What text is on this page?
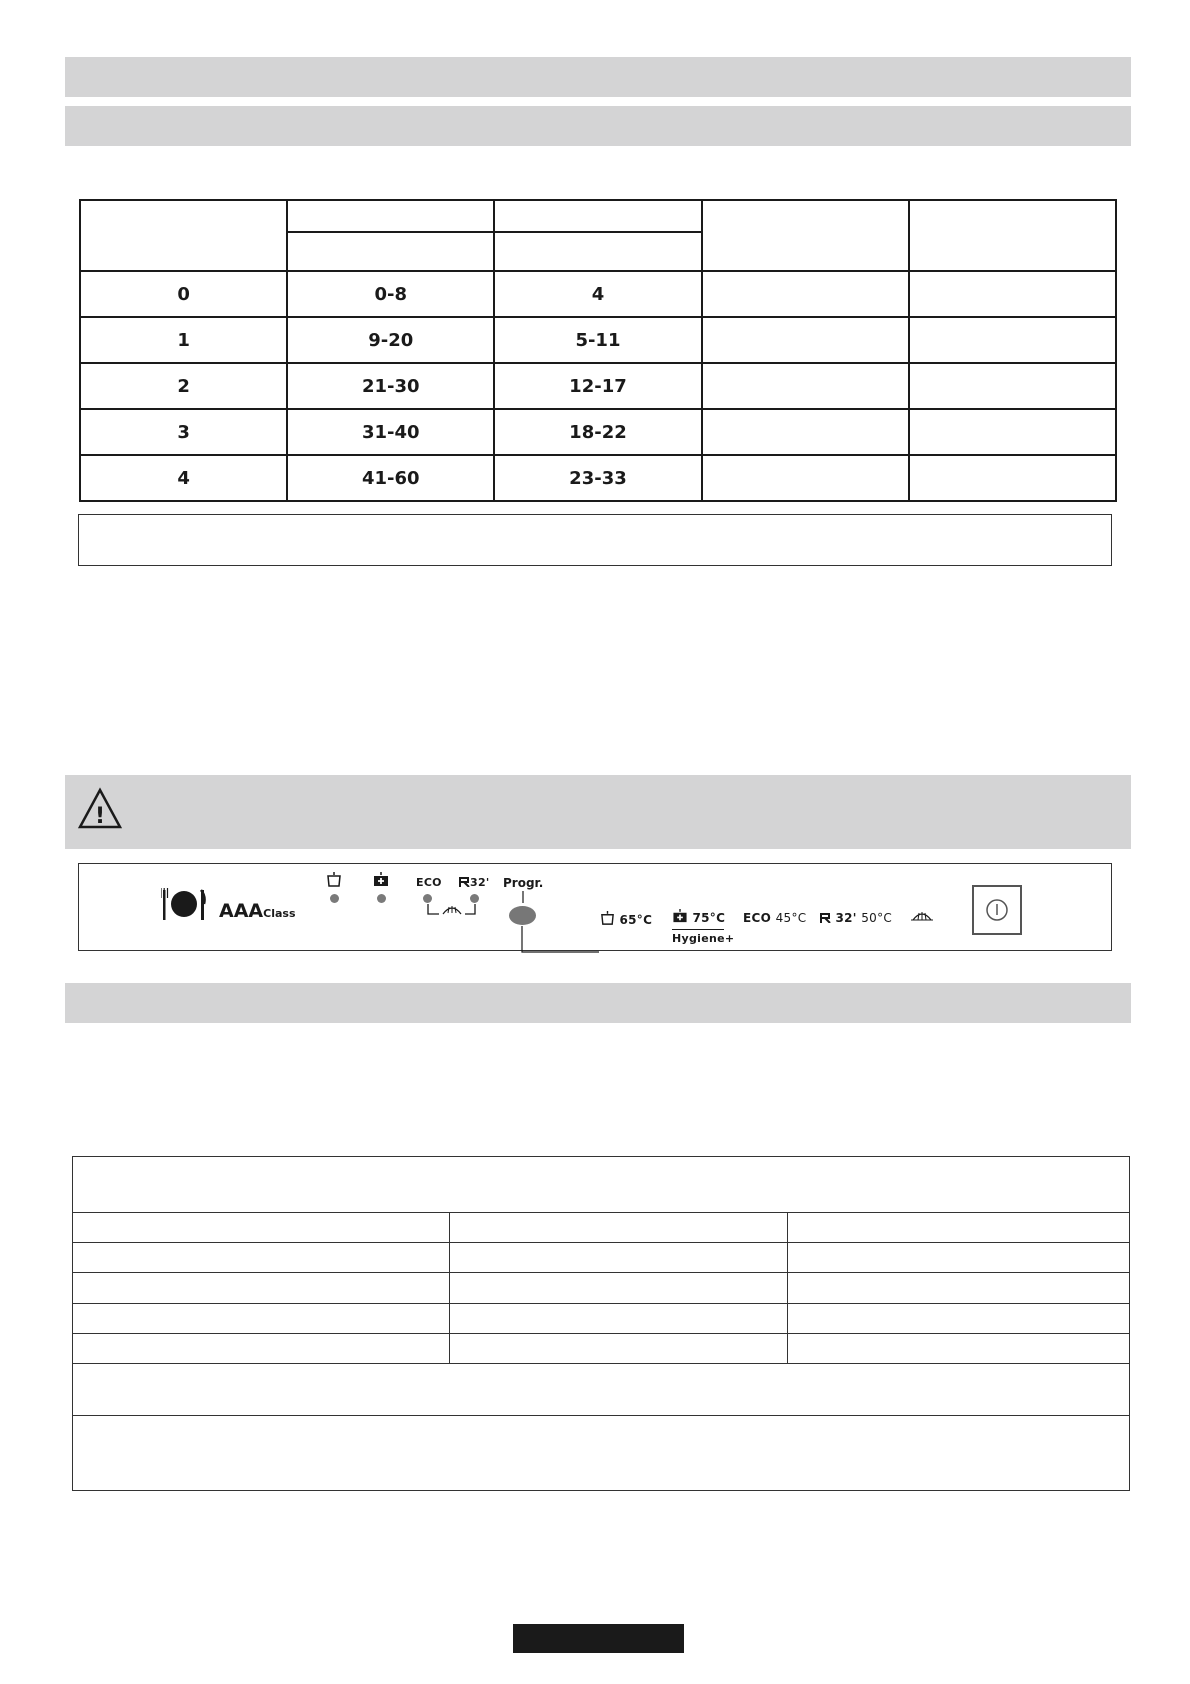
0	0-8	4		
1	9-20	5-11		
2	21-30	12-17		
3	31-40	18-22		
4	41-60	23-33		
!
AAAClass
ECO	32' Progr.
65°C	75°C
Hygiene+
ECO 45°C	32' 50°C
